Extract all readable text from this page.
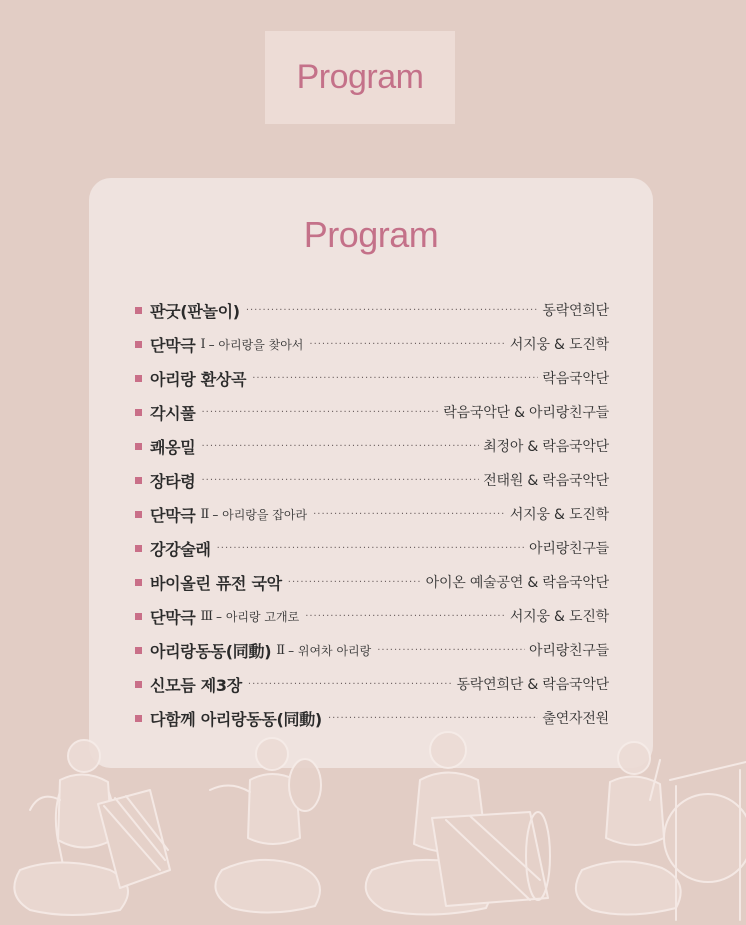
Program
Program
판굿(판놀이) ·····	동락연희단
단막극 Ⅰ – 아리랑을 찾아서 ·····	서지웅 & 도진학
아리랑 환상곡 ·····	락음국악단
각시풀 ·····	락음국악단 & 아리랑친구들
쾌옹밀 ·····	최정아 & 락음국악단
장타령 ·····	전태원 & 락음국악단
단막극 Ⅱ – 아리랑을 잡아라 ·····	서지웅 & 도진학
강강술래 ·····	아리랑친구들
바이올린 퓨전 국악 ·····	아이온 예술공연 & 락음국악단
단막극 Ⅲ – 아리랑 고개로 ·····	서지웅 & 도진학
아리랑동동(同動) Ⅱ – 위여차 아리랑 ·····	아리랑친구들
신모듬 제3장 ·····	동락연희단 & 락음국악단
다함께 아리랑동동(同動) ·····	출연자전원
